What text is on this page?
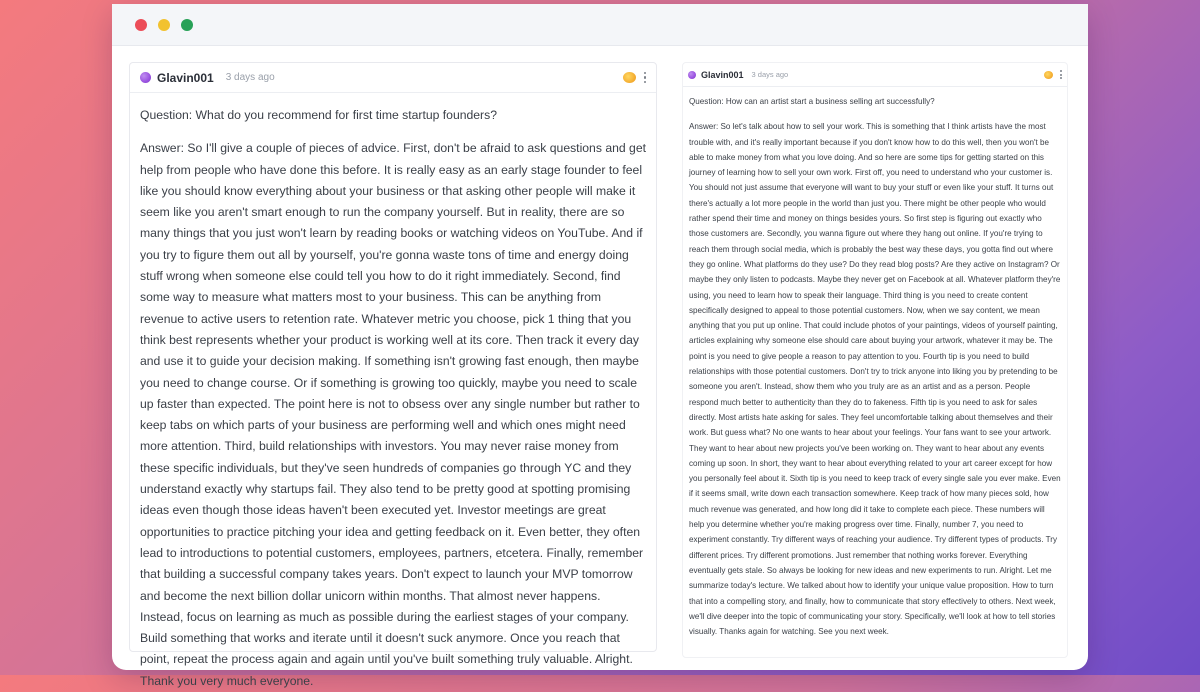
Glavin001 3 days ago

Question: What do you recommend for first time startup founders?

Answer: So I'll give a couple of pieces of advice. First, don't be afraid to ask questions and get help from people who have done this before. It is really easy as an early stage founder to feel like you should know everything about your business or that asking other people will make it seem like you aren't smart enough to run the company yourself. But in reality, there are so many things that you just won't learn by reading books or watching videos on YouTube. And if you try to figure them out all by yourself, you're gonna waste tons of time and energy doing stuff wrong when someone else could tell you how to do it right immediately. Second, find some way to measure what matters most to your business. This can be anything from revenue to active users to retention rate. Whatever metric you choose, pick 1 thing that you think best represents whether your product is working well at its core. Then track it every day and use it to guide your decision making. If something isn't growing fast enough, then maybe you need to change course. Or if something is growing too quickly, maybe you need to scale up faster than expected. The point here is not to obsess over any single number but rather to keep tabs on which parts of your business are performing well and which ones might need more attention. Third, build relationships with investors. You may never raise money from these specific individuals, but they've seen hundreds of companies go through YC and they understand exactly why startups fail. They also tend to be pretty good at spotting promising ideas even though those ideas haven't been executed yet. Investor meetings are great opportunities to practice pitching your idea and getting feedback on it. Even better, they often lead to introductions to potential customers, employees, partners, etcetera. Finally, remember that building a successful company takes years. Don't expect to launch your MVP tomorrow and become the next billion dollar unicorn within months. That almost never happens. Instead, focus on learning as much as possible during the earliest stages of your company. Build something that works and iterate until it doesn't suck anymore. Once you reach that point, repeat the process again and again until you've built something truly valuable. Alright. Thank you very much everyone.

Glavin001 3 days ago

Question: How can an artist start a business selling art successfully?

Answer: So let's talk about how to sell your work. This is something that I think artists have the most trouble with, and it's really important because if you don't know how to do this well, then you won't be able to make money from what you love doing. And so here are some tips for getting started on this journey of learning how to sell your own work. First off, you need to understand who your customer is. You should not just assume that everyone will want to buy your stuff or even like your stuff. It turns out there's actually a lot more people in the world than just you. There might be other people who would rather spend their time and money on things besides yours. So first step is figuring out exactly who those customers are. Secondly, you wanna figure out where they hang out online. If you're trying to reach them through social media, which is probably the best way these days, you gotta find out where they go online. What platforms do they use? Do they read blog posts? Are they active on Instagram? Or maybe they only listen to podcasts. Maybe they never get on Facebook at all. Whatever platform they're using, you need to learn how to speak their language. Third thing is you need to create content specifically designed to appeal to those potential customers. Now, when we say content, we mean anything that you put up online. That could include photos of your paintings, videos of yourself painting, articles explaining why someone else should care about buying your artwork, whatever it may be. The point is you need to give people a reason to pay attention to you. Fourth tip is you need to build relationships with those potential customers. Don't try to trick anyone into liking you by pretending to be someone you aren't. Instead, show them who you truly are as an artist and as a person. People respond much better to authenticity than they do to fakeness. Fifth tip is you need to ask for sales directly. Most artists hate asking for sales. They feel uncomfortable talking about themselves and their work. But guess what? No one wants to hear about your feelings. Your fans want to see your artwork. They want to hear about new projects you've been working on. They want to hear about any events coming up soon. In short, they want to hear about everything related to your art career except for how you personally feel about it. Sixth tip is you need to keep track of every single sale you ever make. Even if it seems small, write down each transaction somewhere. Keep track of how many pieces sold, how much revenue was generated, and how long did it take to complete each piece. These numbers will help you determine whether you're making progress over time. Finally, number 7, you need to experiment constantly. Try different ways of reaching your audience. Try different types of products. Try different prices. Try different promotions. Just remember that nothing works forever. Everything eventually gets stale. So always be looking for new ideas and new experiments to run. Alright. Let me summarize today's lecture. We talked about how to identify your unique value proposition. How to turn that into a compelling story, and finally, how to communicate that story effectively to others. Next week, we'll dive deeper into the topic of communicating your story. Specifically, we'll look at how to tell stories visually. Thanks again for watching. See you next week.
